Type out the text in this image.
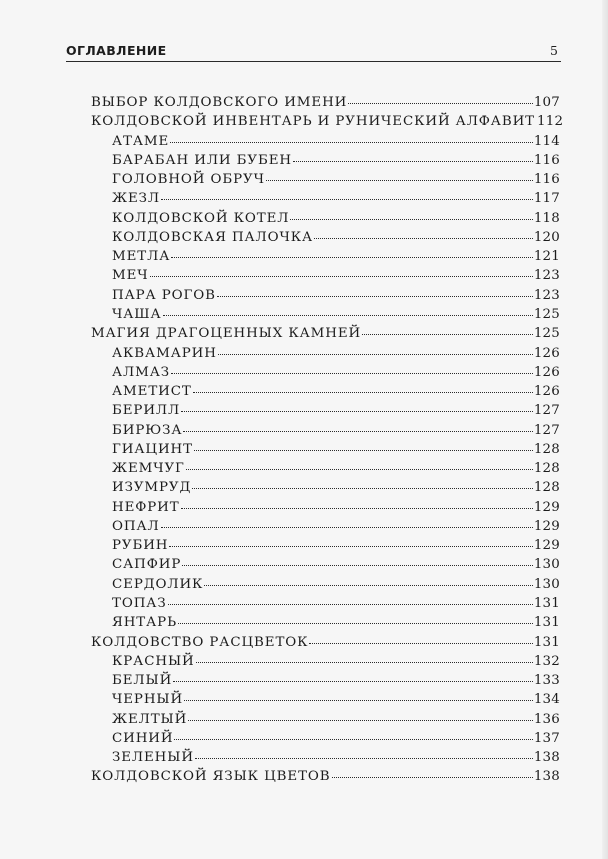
ОГЛАВЛЕНИЕ	5
ВЫБОР КОЛДОВСКОГО ИМЕНИ	107
КОЛДОВСКОЙ ИНВЕНТАРЬ И РУНИЧЕСКИЙ АЛФАВИТ 112
АТАМЕ	114
БАРАБАН ИЛИ БУБЕН	116
ГОЛОВНОЙ ОБРУЧ	116
ЖЕЗЛ	117
КОЛДОВСКОЙ КОТЕЛ	118
КОЛДОВСКАЯ ПАЛОЧКА	120
МЕТЛА	121
МЕЧ	123
ПАРА РОГОВ	123
ЧАША	125
МАГИЯ ДРАГОЦЕННЫХ КАМНЕЙ	125
АКВАМАРИН	126
АЛМАЗ	126
АМЕТИСТ	126
БЕРИЛЛ	127
БИРЮЗА	127
ГИАЦИНТ	128
ЖЕМЧУГ	128
ИЗУМРУД	128
НЕФРИТ	129
ОПАЛ	129
РУБИН	129
САПФИР	130
СЕРДОЛИК	130
ТОПАЗ	131
ЯНТАРЬ	131
КОЛДОВСТВО РАСЦВЕТОК	131
КРАСНЫЙ	132
БЕЛЫЙ	133
ЧЕРНЫЙ	134
ЖЕЛТЫЙ	136
СИНИЙ	137
ЗЕЛЕНЫЙ	138
КОЛДОВСКОЙ ЯЗЫК ЦВЕТОВ	138
